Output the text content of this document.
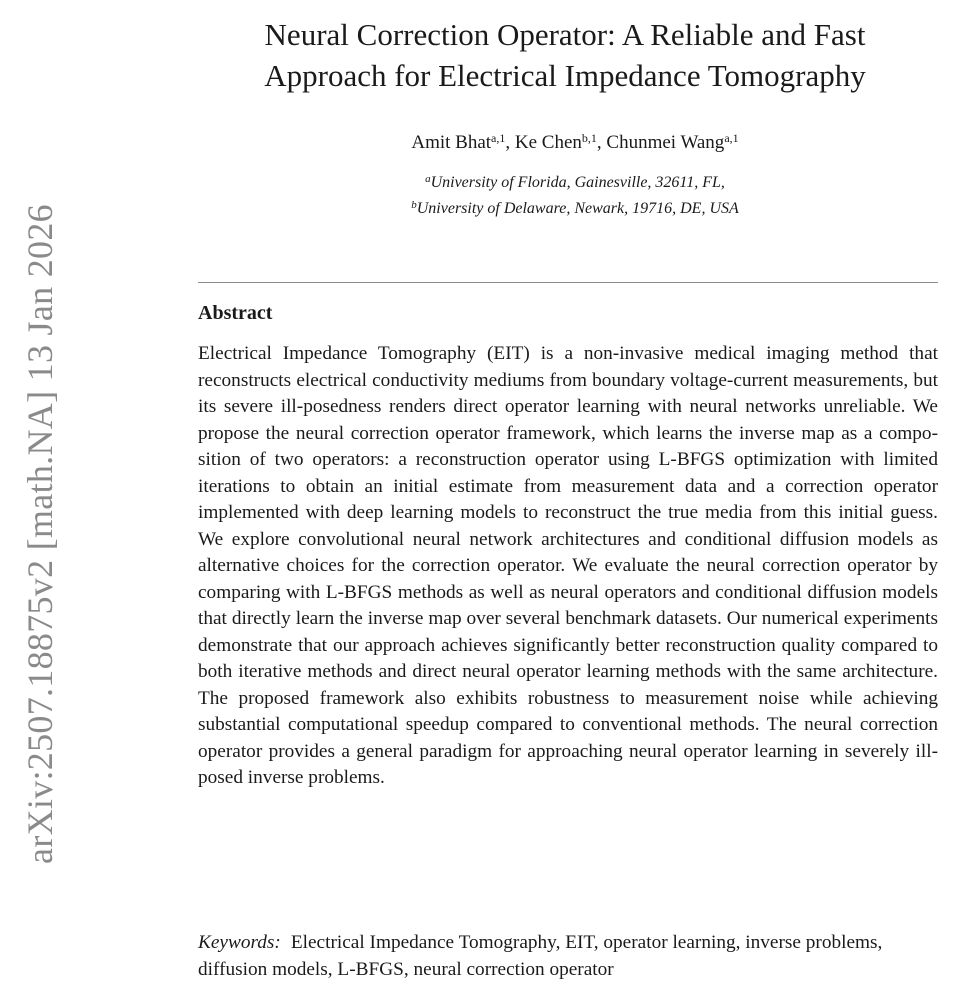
arXiv:2507.18875v2 [math.NA] 13 Jan 2026
Neural Correction Operator: A Reliable and Fast
Approach for Electrical Impedance Tomography
Amit Bhat$^{a,1}$, Ke Chen$^{b,1}$, Chunmei Wang$^{a,1}$
$^a$University of Florida, Gainesville, 32611, FL,
$^b$University of Delaware, Newark, 19716, DE, USA
Abstract
Electrical Impedance Tomography (EIT) is a non-invasive medical imaging method that reconstructs electrical conductivity mediums from boundary voltage-current measurements, but its severe ill-posedness renders direct operator learning with neural networks unreliable. We propose the neural correction operator framework, which learns the inverse map as a composition of two operators: a reconstruction operator using L-BFGS optimization with limited iterations to obtain an initial estimate from measurement data and a correction operator implemented with deep learning models to reconstruct the true media from this initial guess. We explore convolutional neural network architectures and conditional diffusion models as alternative choices for the correction operator. We evaluate the neural correction operator by comparing with L-BFGS methods as well as neural operators and conditional diffusion models that directly learn the inverse map over several benchmark datasets. Our numerical experiments demonstrate that our approach achieves significantly better reconstruction quality compared to both iterative methods and direct neural operator learning methods with the same architecture. The proposed framework also exhibits robustness to measurement noise while achieving substantial computational speedup compared to conventional methods. The neural correction operator provides a general paradigm for approaching neural operator learning in severely ill-posed inverse problems.
Keywords: Electrical Impedance Tomography, EIT, operator learning, inverse problems, diffusion models, L-BFGS, neural correction operator
